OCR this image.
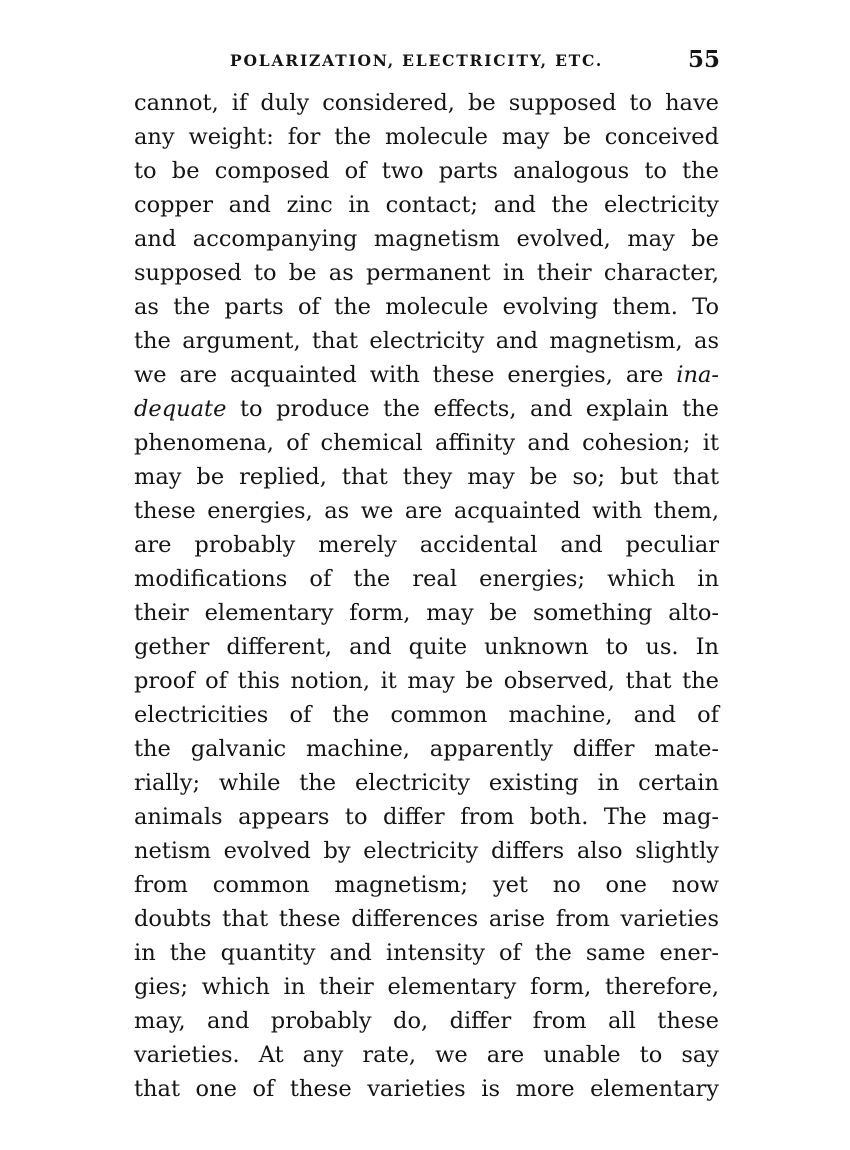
POLARIZATION, ELECTRICITY, ETC.	55
cannot, if duly considered, be supposed to have
any weight: for the molecule may be conceived
to be composed of two parts analogous to the
copper and zinc in contact; and the electricity
and accompanying magnetism evolved, may be
supposed to be as permanent in their character,
as the parts of the molecule evolving them. To
the argument, that electricity and magnetism, as
we are acquainted with these energies, are ina-
dequate to produce the effects, and explain the
phenomena, of chemical affinity and cohesion; it
may be replied, that they may be so; but that
these energies, as we are acquainted with them,
are probably merely accidental and peculiar
modifications of the real energies; which in
their elementary form, may be something alto-
gether different, and quite unknown to us. In
proof of this notion, it may be observed, that the
electricities of the common machine, and of
the galvanic machine, apparently differ mate-
rially; while the electricity existing in certain
animals appears to differ from both. The mag-
netism evolved by electricity differs also slightly
from common magnetism; yet no one now
doubts that these differences arise from varieties
in the quantity and intensity of the same ener-
gies; which in their elementary form, therefore,
may, and probably do, differ from all these
varieties. At any rate, we are unable to say
that one of these varieties is more elementary
